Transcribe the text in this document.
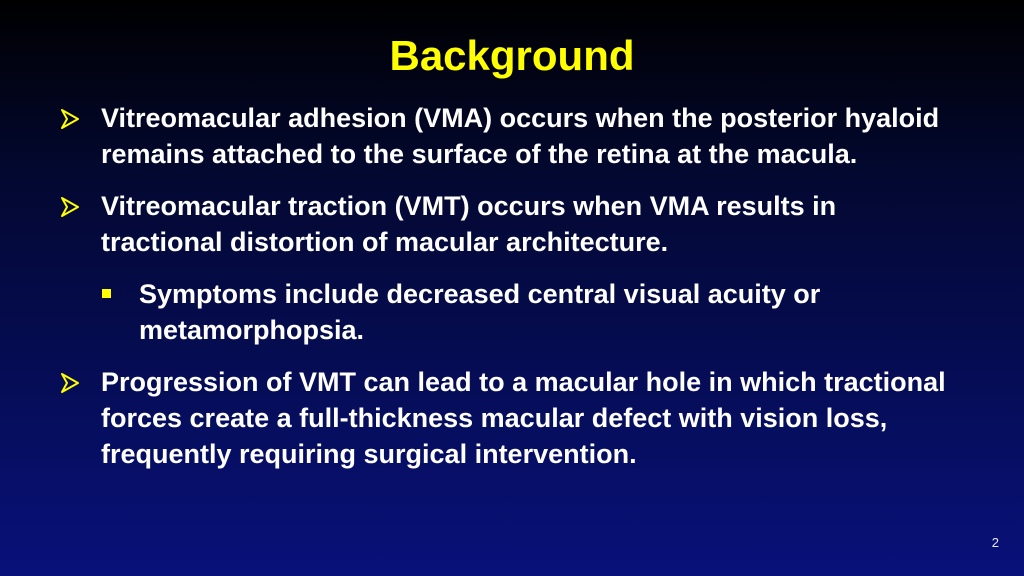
Background
Vitreomacular adhesion (VMA) occurs when the posterior hyaloid remains attached to the surface of the retina at the macula.
Vitreomacular traction (VMT) occurs when VMA results in tractional distortion of macular architecture.
Symptoms include decreased central visual acuity or metamorphopsia.
Progression of VMT can lead to a macular hole in which tractional forces create a full-thickness macular defect with vision loss, frequently requiring surgical intervention.
2
